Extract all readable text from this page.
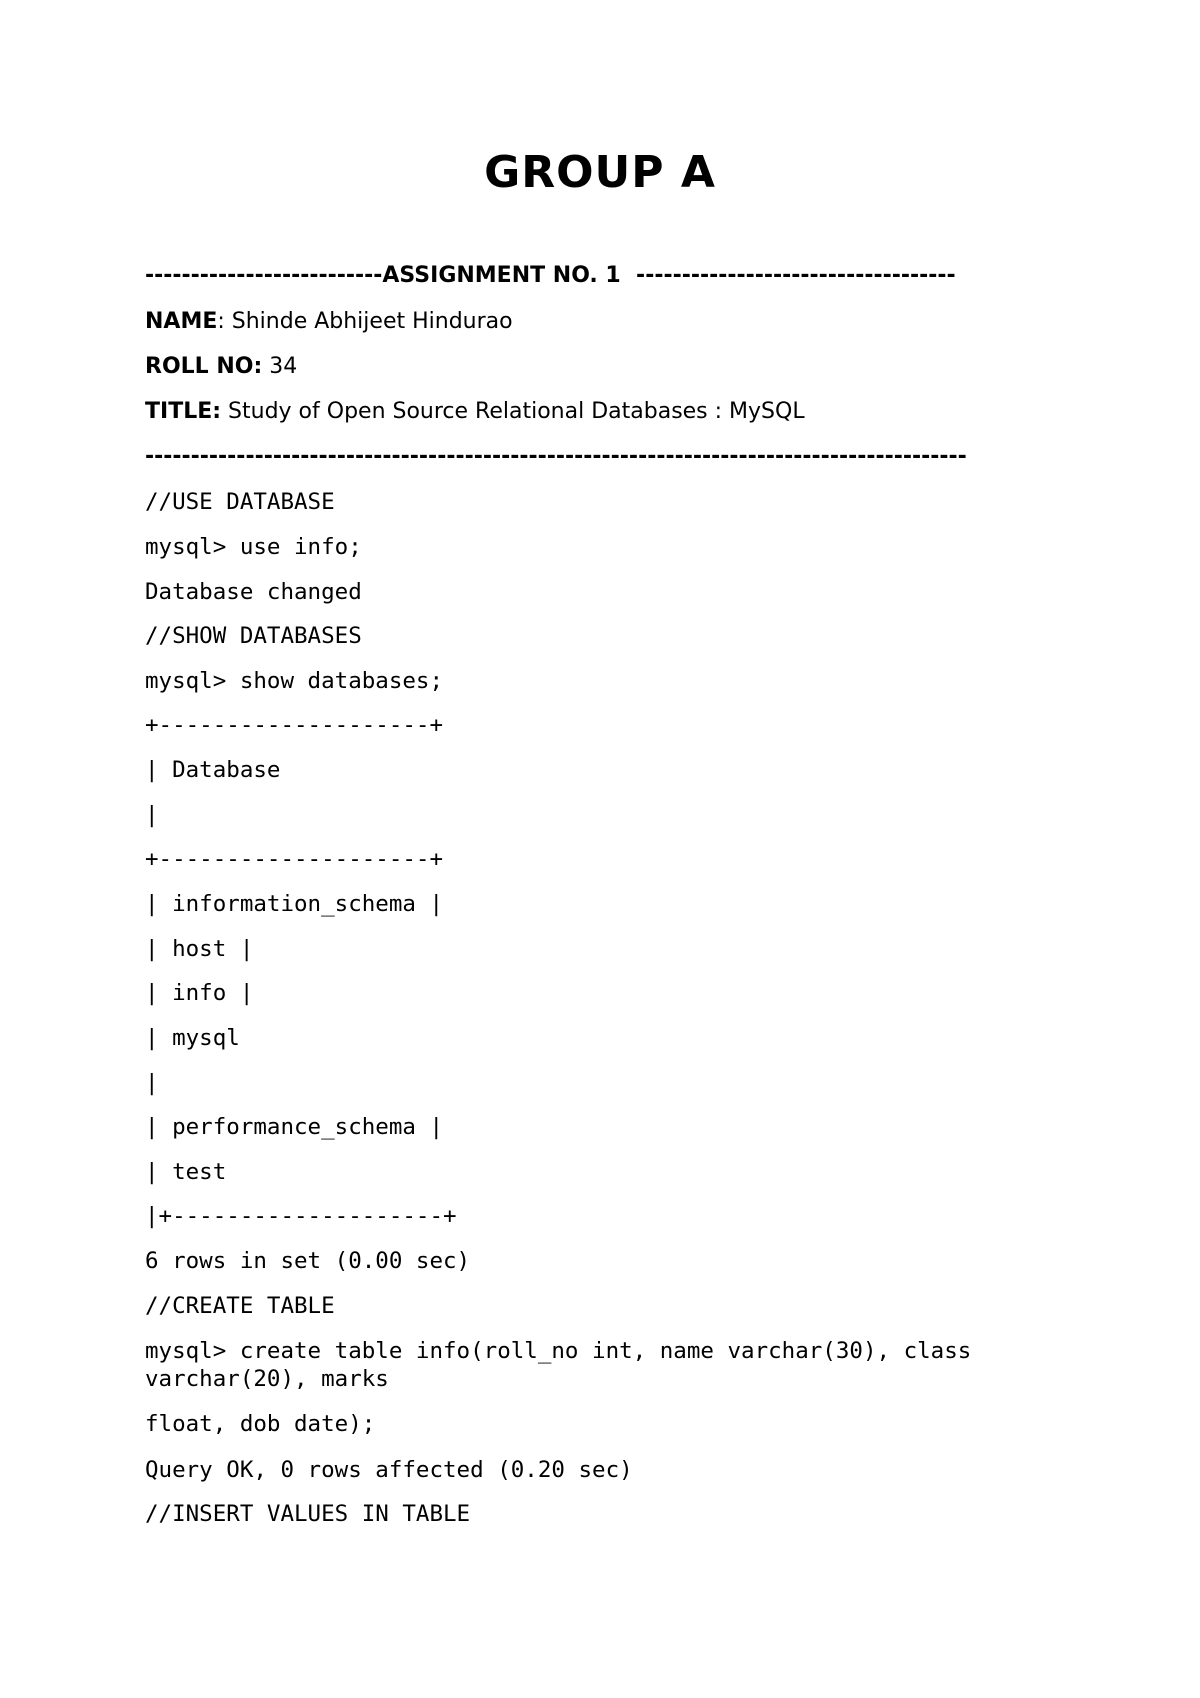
GROUP A
--------------------------ASSIGNMENT NO. 1  -----------------------------------
NAME: Shinde Abhijeet Hindurao
ROLL NO: 34
TITLE: Study of Open Source Relational Databases : MySQL
------------------------------------------------------------------------------------------
//USE DATABASE
mysql> use info;
Database changed
//SHOW DATABASES
mysql> show databases;
+--------------------+
| Database
|
+--------------------+
| information_schema |
| host |
| info |
| mysql
|
| performance_schema |
| test
|+--------------------+
6 rows in set (0.00 sec)
//CREATE TABLE
mysql> create table info(roll_no int, name varchar(30), class
varchar(20), marks
float, dob date);
Query OK, 0 rows affected (0.20 sec)
//INSERT VALUES IN TABLE
